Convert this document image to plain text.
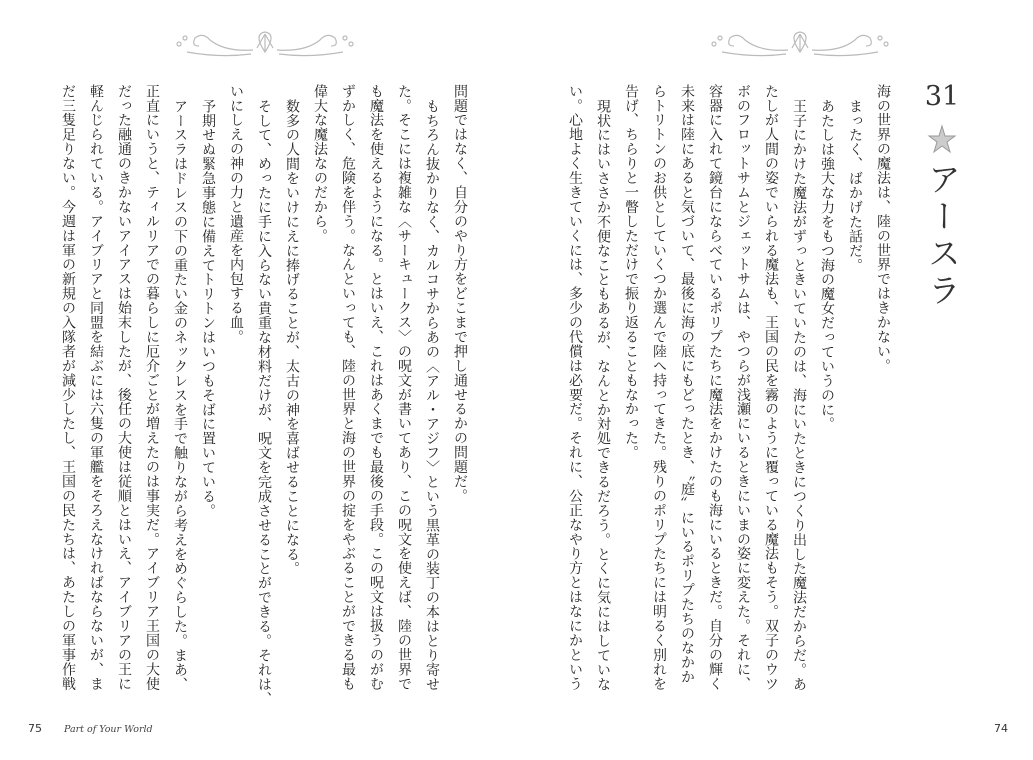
31
アースラ
海の世界の魔法は、陸の世界ではきかない。
まったく、ばかげた話だ。
あたしは強大な力をもつ海の魔女だっていうのに。
王子にかけた魔法がずっときいていたのは、海にいたときにつくり出した魔法だからだ。あ
たしが人間の姿でいられる魔法も、王国の民を霧のように覆っている魔法もそう。双子のウツ
ボのフロットサムとジェットサムは、やつらが浅瀬にいるときにいまの姿に変えた。それに、
容器に入れて鏡台にならべているポリプたちに魔法をかけたのも海にいるときだ。自分の輝く
未来は陸にあると気づいて、最後に海の底にもどったとき、〝庭〟にいるポリプたちのなかか
らトリトンのお供としていくつか選んで陸へ持ってきた。残りのポリプたちには明るく別れを
告げ、ちらりと一瞥しただけで振り返ることもなかった。
現状にはいささか不便なこともあるが、なんとか対処できるだろう。とくに気にはしていな
い。心地よく生きていくには、多少の代償は必要だ。それに、公正なやり方とはなにかという
問題ではなく、自分のやり方をどこまで押し通せるかの問題だ。
もちろん抜かりなく、カルコサからあの〈アル・アジフ〉という黒革の装丁の本はとり寄せ
た。そこには複雑な〈サーキュークス〉の呪文が書いてあり、この呪文を使えば、陸の世界で
も魔法を使えるようになる。とはいえ、これはあくまでも最後の手段。この呪文は扱うのがむ
ずかしく、危険を伴う。なんといっても、陸の世界と海の世界の掟をやぶることができる最も
偉大な魔法なのだから。
数多の人間をいけにえに捧げることが、太古の神を喜ばせることになる。
そして、めったに手に入らない貴重な材料だけが、呪文を完成させることができる。それは、
いにしえの神の力と遺産を内包する血。
予期せぬ緊急事態に備えてトリトンはいつもそばに置いている。
アースラはドレスの下の重たい金のネックレスを手で触りながら考えをめぐらした。まあ、
正直にいうと、ティルリアでの暮らしに厄介ごとが増えたのは事実だ。アイブリア王国の大使
だった融通のきかないアイアスは始末したが、後任の大使は従順とはいえ、アイブリアの王に
軽んじられている。アイブリアと同盟を結ぶには六隻の軍艦をそろえなければならないが、ま
だ三隻足りない。今週は軍の新規の入隊者が減少したし、王国の民たちは、あたしの軍事作戦
75 Part of Your World	74
